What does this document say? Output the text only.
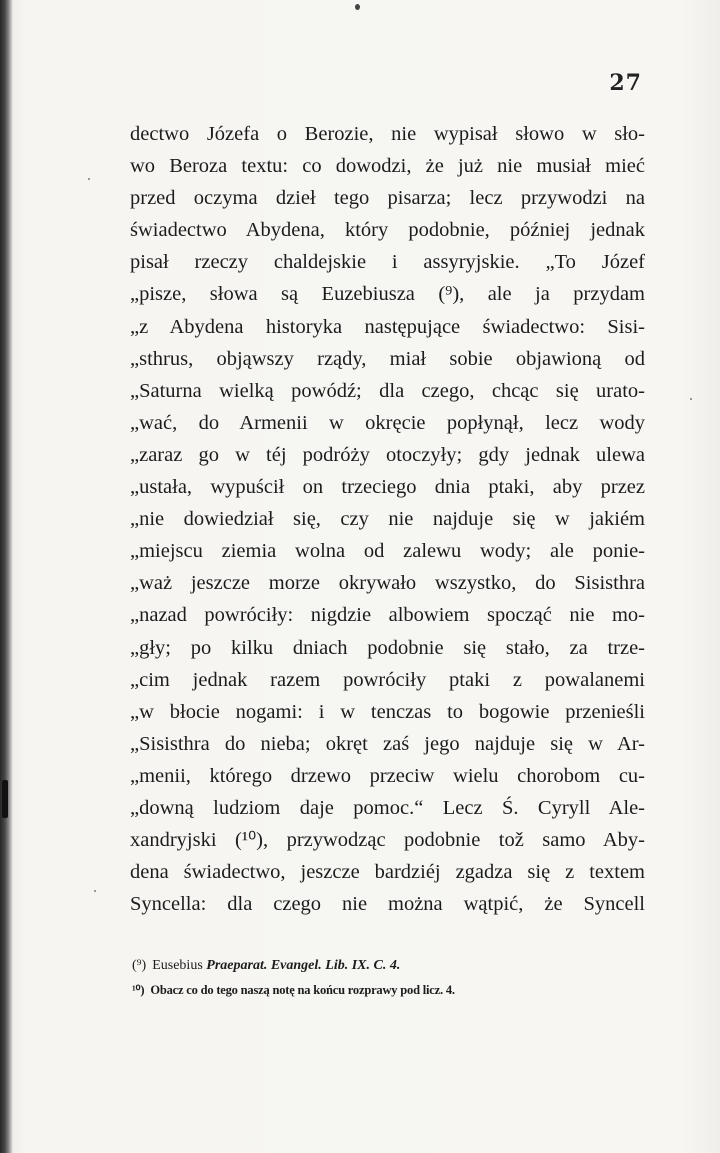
27
dectwo Józefa o Berozie, nie wypisał słowo w sło-
wo Beroza textu: co dowodzi, że już nie musiał mieć
przed oczyma dzieł tego pisarza; lecz przywodzi na
świadectwo Abydena, który podobnie, później jednak
pisał rzeczy chaldejskie i assyryjskie. „To Józef
„pisze, słowa są Euzebiusza (⁹), ale ja przydam
„z Abydena historyka następujące świadectwo: Sisi-
„sthrus, objąwszy rządy, miał sobie objawioną od
„Saturna wielką powódź; dla czego, chcąc się urato-
„wać, do Armenii w okręcie popłynął, lecz wody
„zaraz go w téj podróży otoczyły; gdy jednak ulewa
„ustała, wypuścił on trzeciego dnia ptaki, aby przez
„nie dowiedział się, czy nie najduje się w jakiém
„miejscu ziemia wolna od zalewu wody; ale ponie-
„waż jeszcze morze okrywało wszystko, do Sisisthra
„nazad powróciły: nigdzie albowiem spocząć nie mo-
„gły; po kilku dniach podobnie się stało, za trze-
„cim jednak razem powróciły ptaki z powalanemi
„w błocie nogami: i w tenczas to bogowie przenieśli
„Sisisthra do nieba; okręt zaś jego najduje się w Ar-
„menii, którego drzewo przeciw wielu chorobom cu-
„downą ludziom daje pomoc.“ Lecz Ś. Cyryll Ale-
xandryjski (¹⁰), przywodząc podobnie tož samo Aby-
dena świadectwo, jeszcze bardziéj zgadza się z textem
Syncella: dla czego nie można wątpić, że Syncell
(⁹) Eusebius Praeparat. Evangel. Lib. IX. C. 4.
¹⁰) Obacz co do tego naszą notę na końcu rozprawy pod licz. 4.
